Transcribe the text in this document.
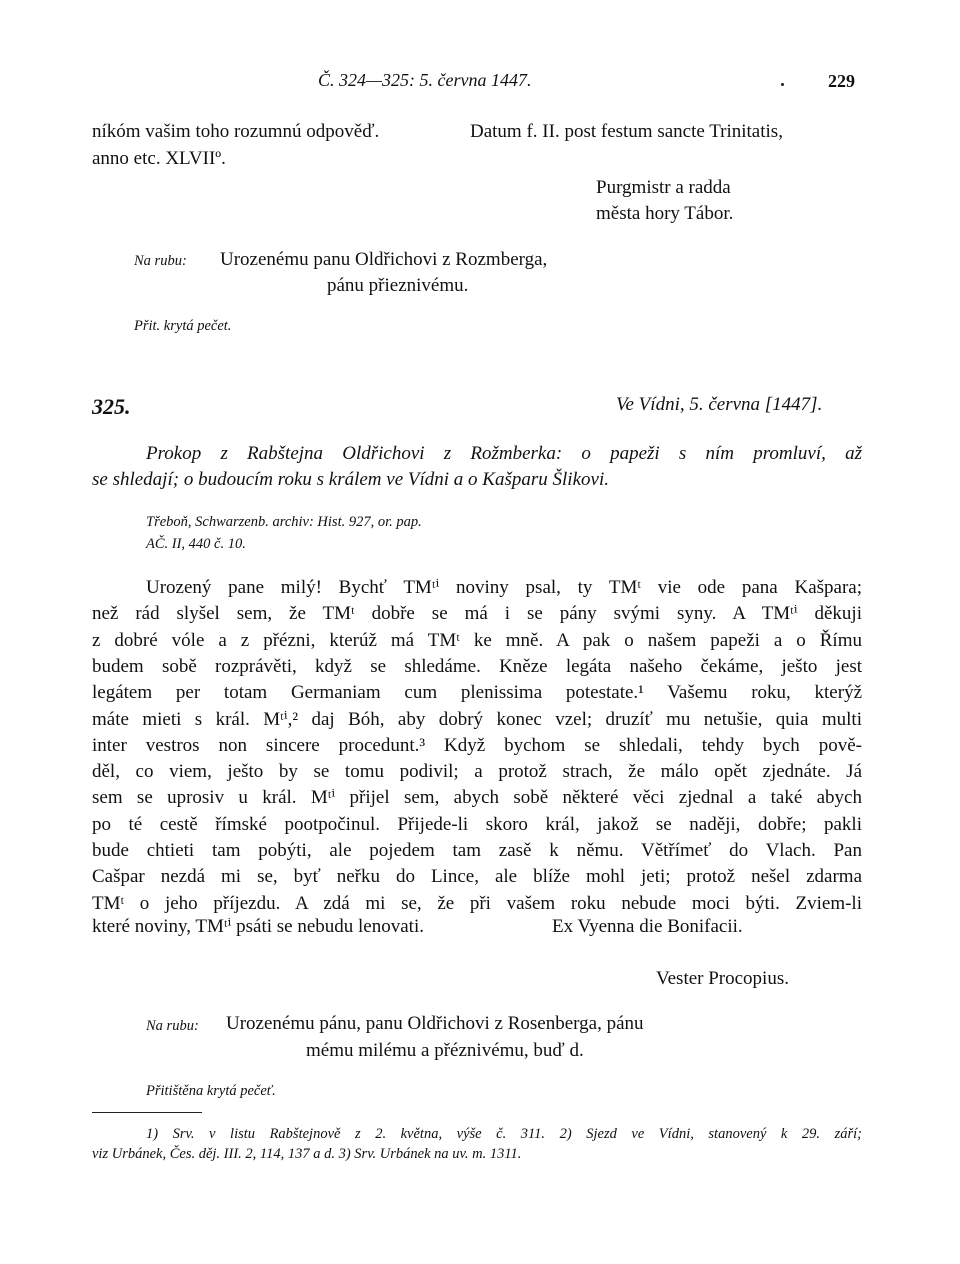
Č. 324—325: 5. června 1447.	229
níkóm vašim toho rozumnú odpověď.	Datum f. II. post festum sancte Trinitatis,
anno etc. XLVIIº.
Purgmistr a radda
města hory Tábor.
Na rubu: Urozenému panu Oldřichovi z Rozmberga,
pánu přieznivému.
Přit. krytá pečet.
325.	Ve Vídni, 5. června [1447].
Prokop z Rabštejna Oldřichovi z Rožmberka: o papeži s ním promluví, až
se shledají; o budoucím roku s králem ve Vídni a o Kašparu Šlikovi.
Třeboň, Schwarzenb. archiv: Hist. 927, or. pap.
AČ. II, 440 č. 10.
Urozený pane milý! Bychť TMᵗⁱ noviny psal, ty TMᵗ vie ode pana Kašpara;
než rád slyšel sem, že TMᵗ dobře se má i se pány svými syny. A TMᵗⁱ děkuji
z dobré vóle a z přézni, kterúž má TMᵗ ke mně. A pak o našem papeži a o Římu
budem sobě rozprávěti, když se shledáme. Kněze legáta našeho čekáme, ješto jest
legátem per totam Germaniam cum plenissima potestate.¹ Vašemu roku, kterýž
máte mieti s král. Mᵗⁱ,² daj Bóh, aby dobrý konec vzel; druzíť mu netušie, quia multi
inter vestros non sincere procedunt.³ Když bychom se shledali, tehdy bych pově-
děl, co viem, ješto by se tomu podivil; a protož strach, že málo opět zjednáte. Já
sem se uprosiv u král. Mᵗⁱ přijel sem, abych sobě některé věci zjednal a také abych
po té cestě římské pootpočinul. Přijede-li skoro král, jakož se naději, dobře; pakli
bude chtieti tam pobýti, ale pojedem tam zasě k němu. Větřímeť do Vlach. Pan
Cašpar nezdá mi se, byť neřku do Lince, ale blíže mohl jeti; protož nešel zdarma
TMᵗ o jeho příjezdu. A zdá mi se, že při vašem roku nebude moci býti. Zviem-li
které noviny, TMᵗⁱ psáti se nebudu lenovati.	Ex Vyenna die Bonifacii.
Vester Procopius.
Na rubu: Urozenému pánu, panu Oldřichovi z Rosenberga, pánu
mému milému a přéznivému, buď d.
Přitištěna krytá pečeť.
1) Srv. v listu Rabštejnově z 2. května, výše č. 311. 2) Sjezd ve Vídni, stanovený k 29. září;
viz Urbánek, Čes. děj. III. 2, 114, 137 a d. 3) Srv. Urbánek na uv. m. 1311.
